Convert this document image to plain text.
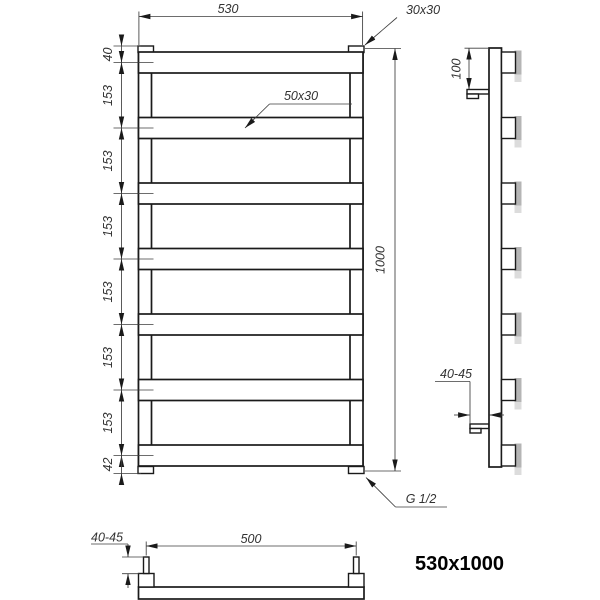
530	30x30
50x30
40
153
153
153
153
153
153
42
1000
G 1/2
100
40-45
500
40-45
530x1000
